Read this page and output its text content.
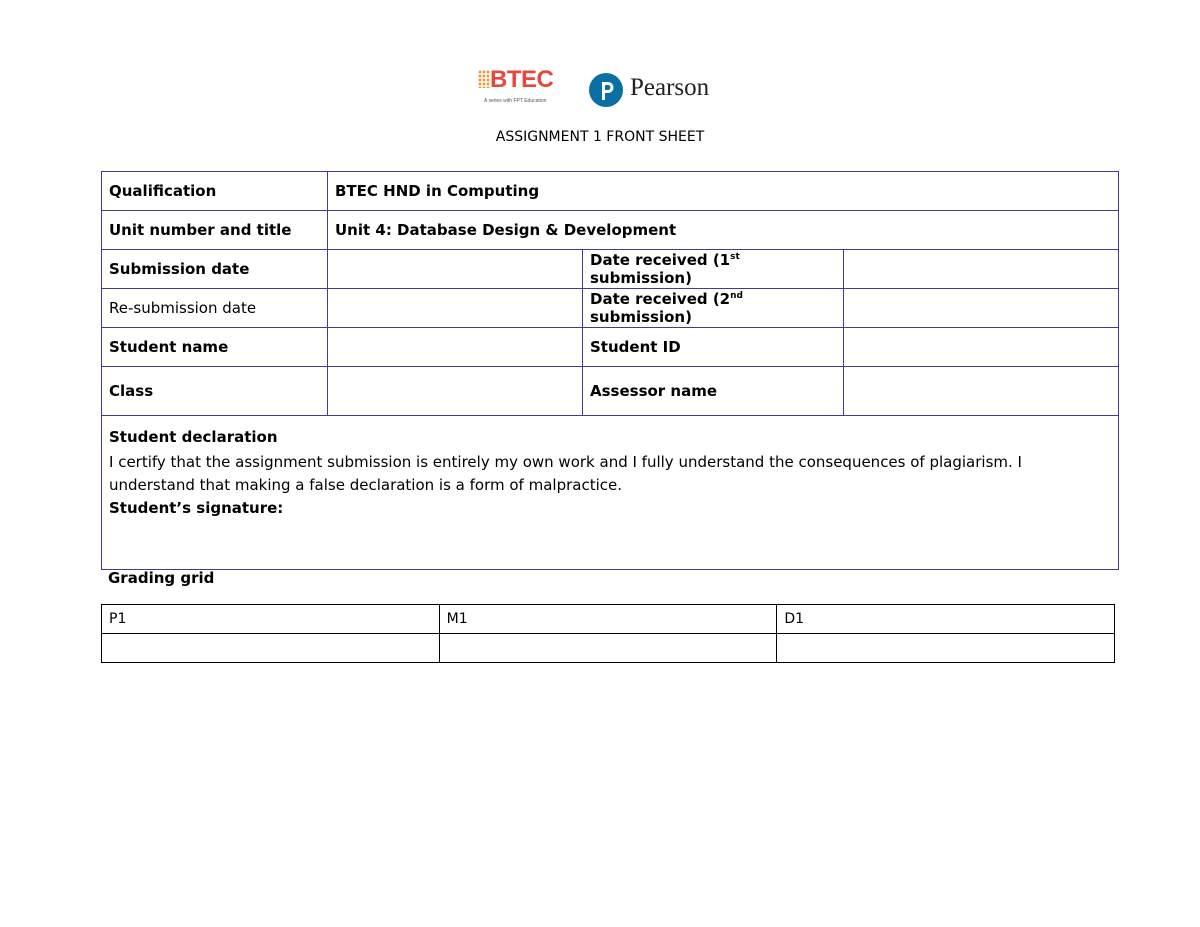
BTEC
A series with FPT Education	Pearson
ASSIGNMENT 1 FRONT SHEET
Qualification	BTEC HND in Computing		
Unit number and title	Unit 4: Database Design & Development		
Submission date		Date received (1st submission)	
Re-submission date		Date received (2nd submission)	
Student name		Student ID	
Class		Assessor name	

Student declaration
I certify that the assignment submission is entirely my own work and I fully understand the consequences of plagiarism. I understand that making a false declaration is a form of malpractice.
Student’s signature:			
Grading grid
P1	M1	D1
